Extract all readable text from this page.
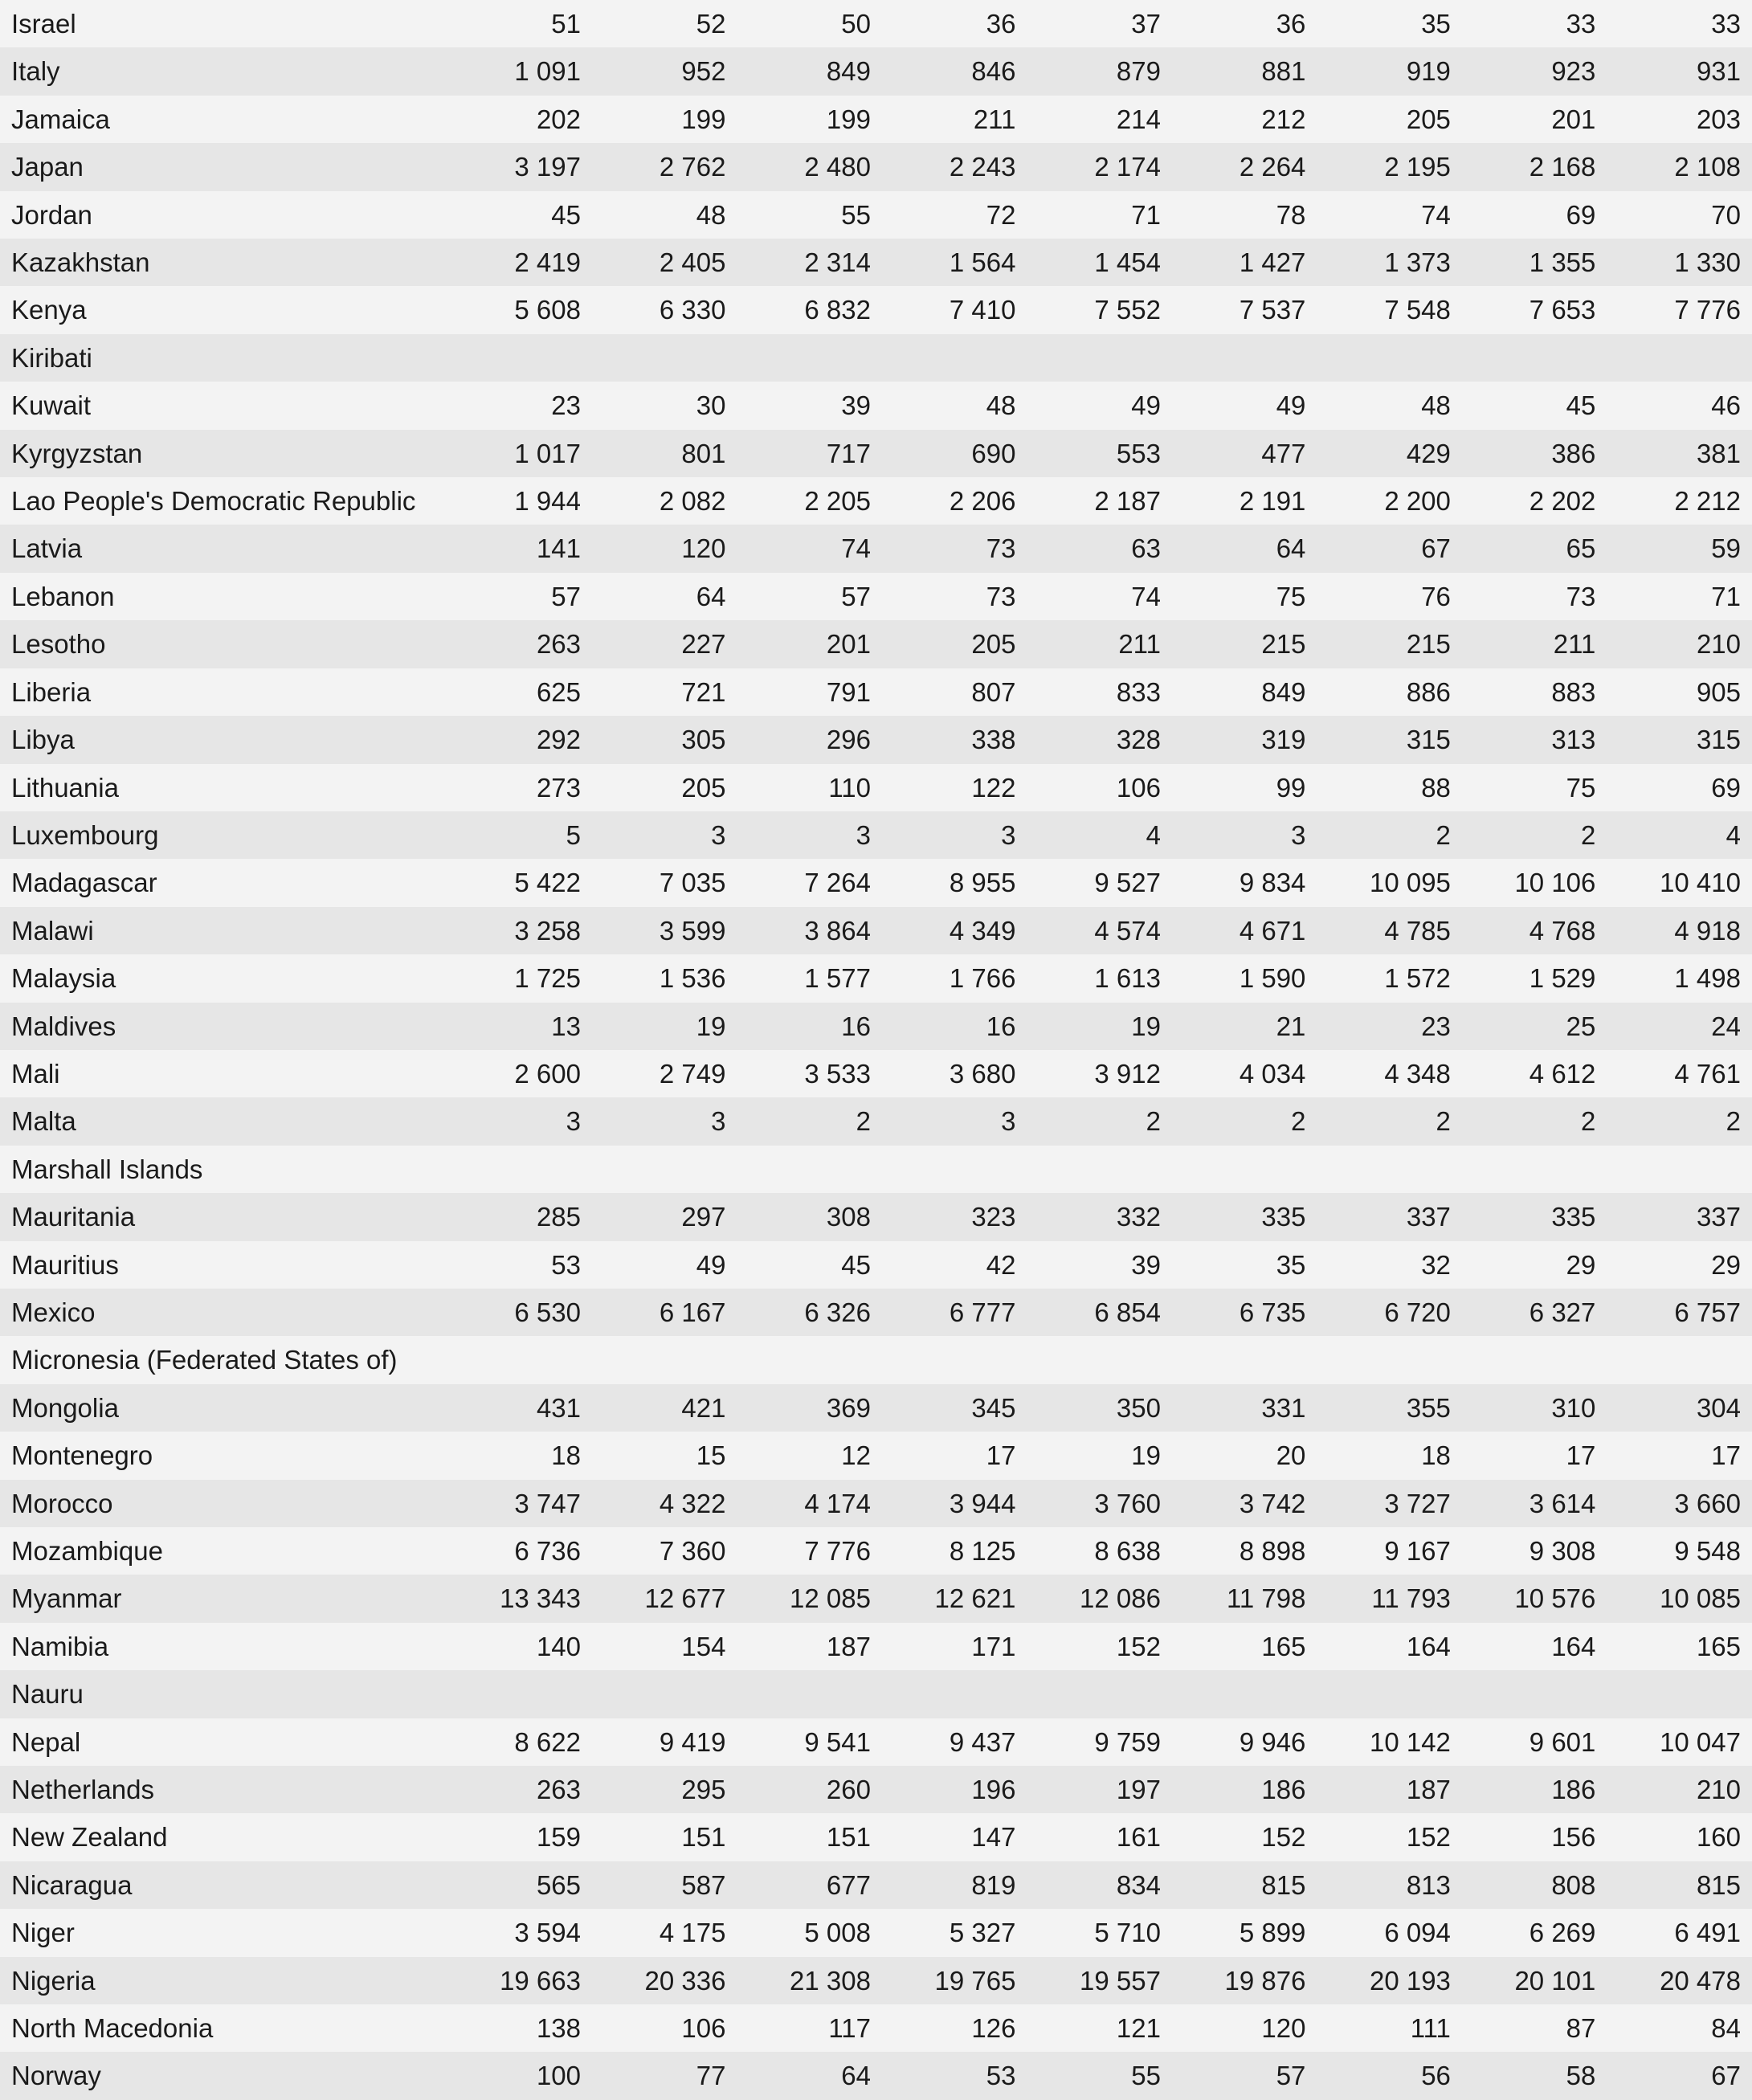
Israel	51	52	50	36	37	36	35	33	33
Italy	1 091	952	849	846	879	881	919	923	931
Jamaica	202	199	199	211	214	212	205	201	203
Japan	3 197	2 762	2 480	2 243	2 174	2 264	2 195	2 168	2 108
Jordan	45	48	55	72	71	78	74	69	70
Kazakhstan	2 419	2 405	2 314	1 564	1 454	1 427	1 373	1 355	1 330
Kenya	5 608	6 330	6 832	7 410	7 552	7 537	7 548	7 653	7 776
Kiribati									
Kuwait	23	30	39	48	49	49	48	45	46
Kyrgyzstan	1 017	801	717	690	553	477	429	386	381
Lao People's Democratic Republic	1 944	2 082	2 205	2 206	2 187	2 191	2 200	2 202	2 212
Latvia	141	120	74	73	63	64	67	65	59
Lebanon	57	64	57	73	74	75	76	73	71
Lesotho	263	227	201	205	211	215	215	211	210
Liberia	625	721	791	807	833	849	886	883	905
Libya	292	305	296	338	328	319	315	313	315
Lithuania	273	205	110	122	106	99	88	75	69
Luxembourg	5	3	3	3	4	3	2	2	4
Madagascar	5 422	7 035	7 264	8 955	9 527	9 834	10 095	10 106	10 410
Malawi	3 258	3 599	3 864	4 349	4 574	4 671	4 785	4 768	4 918
Malaysia	1 725	1 536	1 577	1 766	1 613	1 590	1 572	1 529	1 498
Maldives	13	19	16	16	19	21	23	25	24
Mali	2 600	2 749	3 533	3 680	3 912	4 034	4 348	4 612	4 761
Malta	3	3	2	3	2	2	2	2	2
Marshall Islands									
Mauritania	285	297	308	323	332	335	337	335	337
Mauritius	53	49	45	42	39	35	32	29	29
Mexico	6 530	6 167	6 326	6 777	6 854	6 735	6 720	6 327	6 757
Micronesia (Federated States of)									
Mongolia	431	421	369	345	350	331	355	310	304
Montenegro	18	15	12	17	19	20	18	17	17
Morocco	3 747	4 322	4 174	3 944	3 760	3 742	3 727	3 614	3 660
Mozambique	6 736	7 360	7 776	8 125	8 638	8 898	9 167	9 308	9 548
Myanmar	13 343	12 677	12 085	12 621	12 086	11 798	11 793	10 576	10 085
Namibia	140	154	187	171	152	165	164	164	165
Nauru									
Nepal	8 622	9 419	9 541	9 437	9 759	9 946	10 142	9 601	10 047
Netherlands	263	295	260	196	197	186	187	186	210
New Zealand	159	151	151	147	161	152	152	156	160
Nicaragua	565	587	677	819	834	815	813	808	815
Niger	3 594	4 175	5 008	5 327	5 710	5 899	6 094	6 269	6 491
Nigeria	19 663	20 336	21 308	19 765	19 557	19 876	20 193	20 101	20 478
North Macedonia	138	106	117	126	121	120	111	87	84
Norway	100	77	64	53	55	57	56	58	67
